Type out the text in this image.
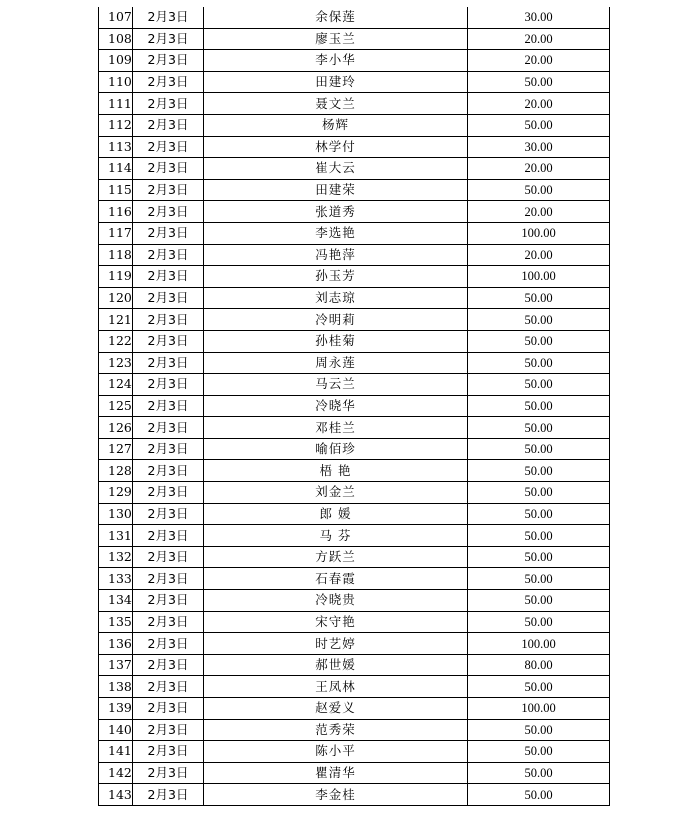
107	2月3日	余保莲	30.00
108	2月3日	廖玉兰	20.00
109	2月3日	李小华	20.00
110	2月3日	田建玲	50.00
111	2月3日	聂文兰	20.00
112	2月3日	杨辉	50.00
113	2月3日	林学付	30.00
114	2月3日	崔大云	20.00
115	2月3日	田建荣	50.00
116	2月3日	张道秀	20.00
117	2月3日	李选艳	100.00
118	2月3日	冯艳萍	20.00
119	2月3日	孙玉芳	100.00
120	2月3日	刘志琼	50.00
121	2月3日	冷明莉	50.00
122	2月3日	孙桂菊	50.00
123	2月3日	周永莲	50.00
124	2月3日	马云兰	50.00
125	2月3日	冷晓华	50.00
126	2月3日	邓桂兰	50.00
127	2月3日	喻佰珍	50.00
128	2月3日	梧 艳	50.00
129	2月3日	刘金兰	50.00
130	2月3日	郎 媛	50.00
131	2月3日	马 芬	50.00
132	2月3日	方跃兰	50.00
133	2月3日	石春霞	50.00
134	2月3日	冷晓贵	50.00
135	2月3日	宋守艳	50.00
136	2月3日	时艺婷	100.00
137	2月3日	郝世媛	80.00
138	2月3日	王凤林	50.00
139	2月3日	赵爱义	100.00
140	2月3日	范秀荣	50.00
141	2月3日	陈小平	50.00
142	2月3日	瞿清华	50.00
143	2月3日	李金桂	50.00
